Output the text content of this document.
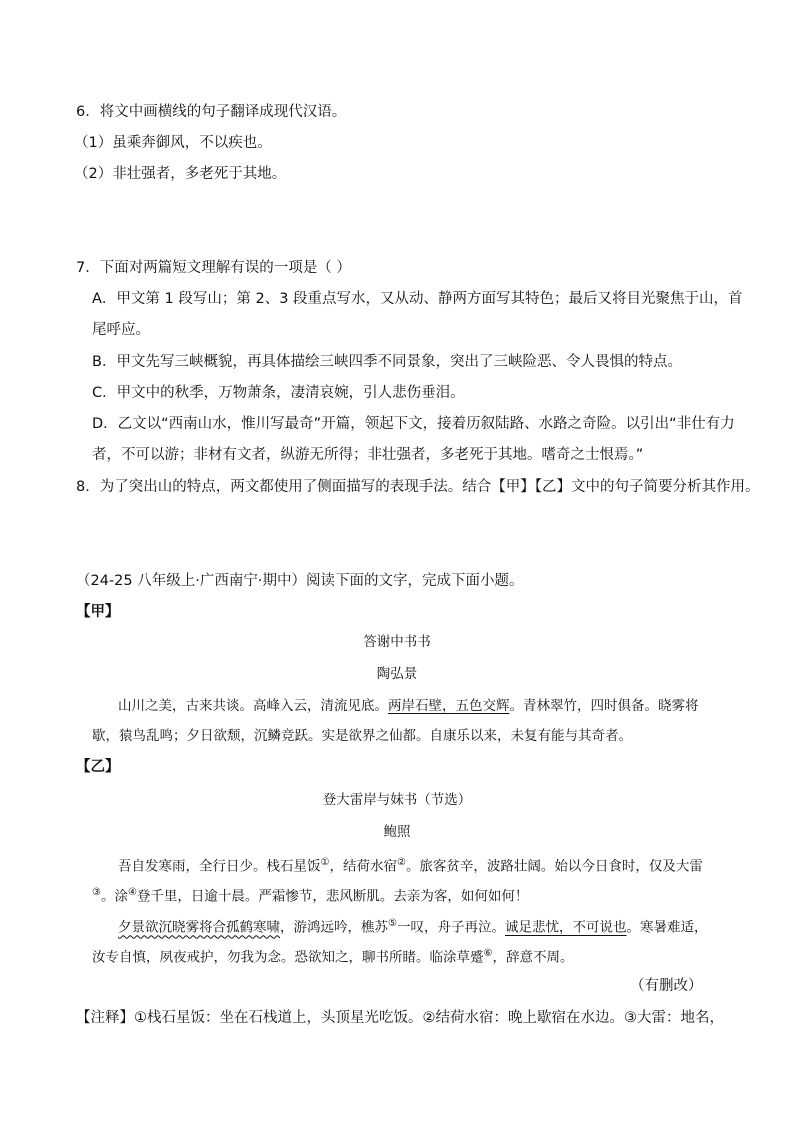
6．将文中画横线的句子翻译成现代汉语。
（1）虽乘奔御风，不以疾也。
（2）非壮强者，多老死于其地。
7．下面对两篇短文理解有误的一项是（ ）
A．甲文第 1 段写山；第 2、3 段重点写水，又从动、静两方面写其特色；最后又将目光聚焦于山，首
尾呼应。
B．甲文先写三峡概貌，再具体描绘三峡四季不同景象，突出了三峡险恶、令人畏惧的特点。
C．甲文中的秋季，万物萧条，凄清哀婉，引人悲伤垂泪。
D．乙文以“西南山水，惟川写最奇”开篇，领起下文，接着历叙陆路、水路之奇险。以引出“非仕有力
者，不可以游；非材有文者，纵游无所得；非壮强者，多老死于其地。嗜奇之士恨焉。”
8．为了突出山的特点，两文都使用了侧面描写的表现手法。结合【甲】【乙】文中的句子简要分析其作用。
（24-25 八年级上·广西南宁·期中）阅读下面的文字，完成下面小题。
【甲】
答谢中书书
陶弘景
山川之美，古来共谈。高峰入云，清流见底。两岸石壁，五色交辉。青林翠竹，四时俱备。晓雾将
歇，猿鸟乱鸣；夕日欲颓，沉鳞竞跃。实是欲界之仙都。自康乐以来，未复有能与其奇者。
【乙】
登大雷岸与妹书（节选）
鲍照
吾自发寒雨，全行日少。栈石星饭①，结荷水宿②。旅客贫辛，波路壮阔。始以今日食时，仅及大雷
③。涂④登千里，日逾十晨。严霜惨节，悲风断肌。去亲为客，如何如何！
夕景欲沉晓雾将合孤鹤寒啸，游鸿远吟，樵苏⑤一叹，舟子再泣。诚足悲忧，不可说也。寒暑难适，
汝专自慎，夙夜戒护，勿我为念。恐欲知之，聊书所睹。临涂草蹙⑥，辞意不周。
（有删改）
【注释】①栈石星饭：坐在石栈道上，头顶星光吃饭。②结荷水宿：晚上歇宿在水边。③大雷：地名，
